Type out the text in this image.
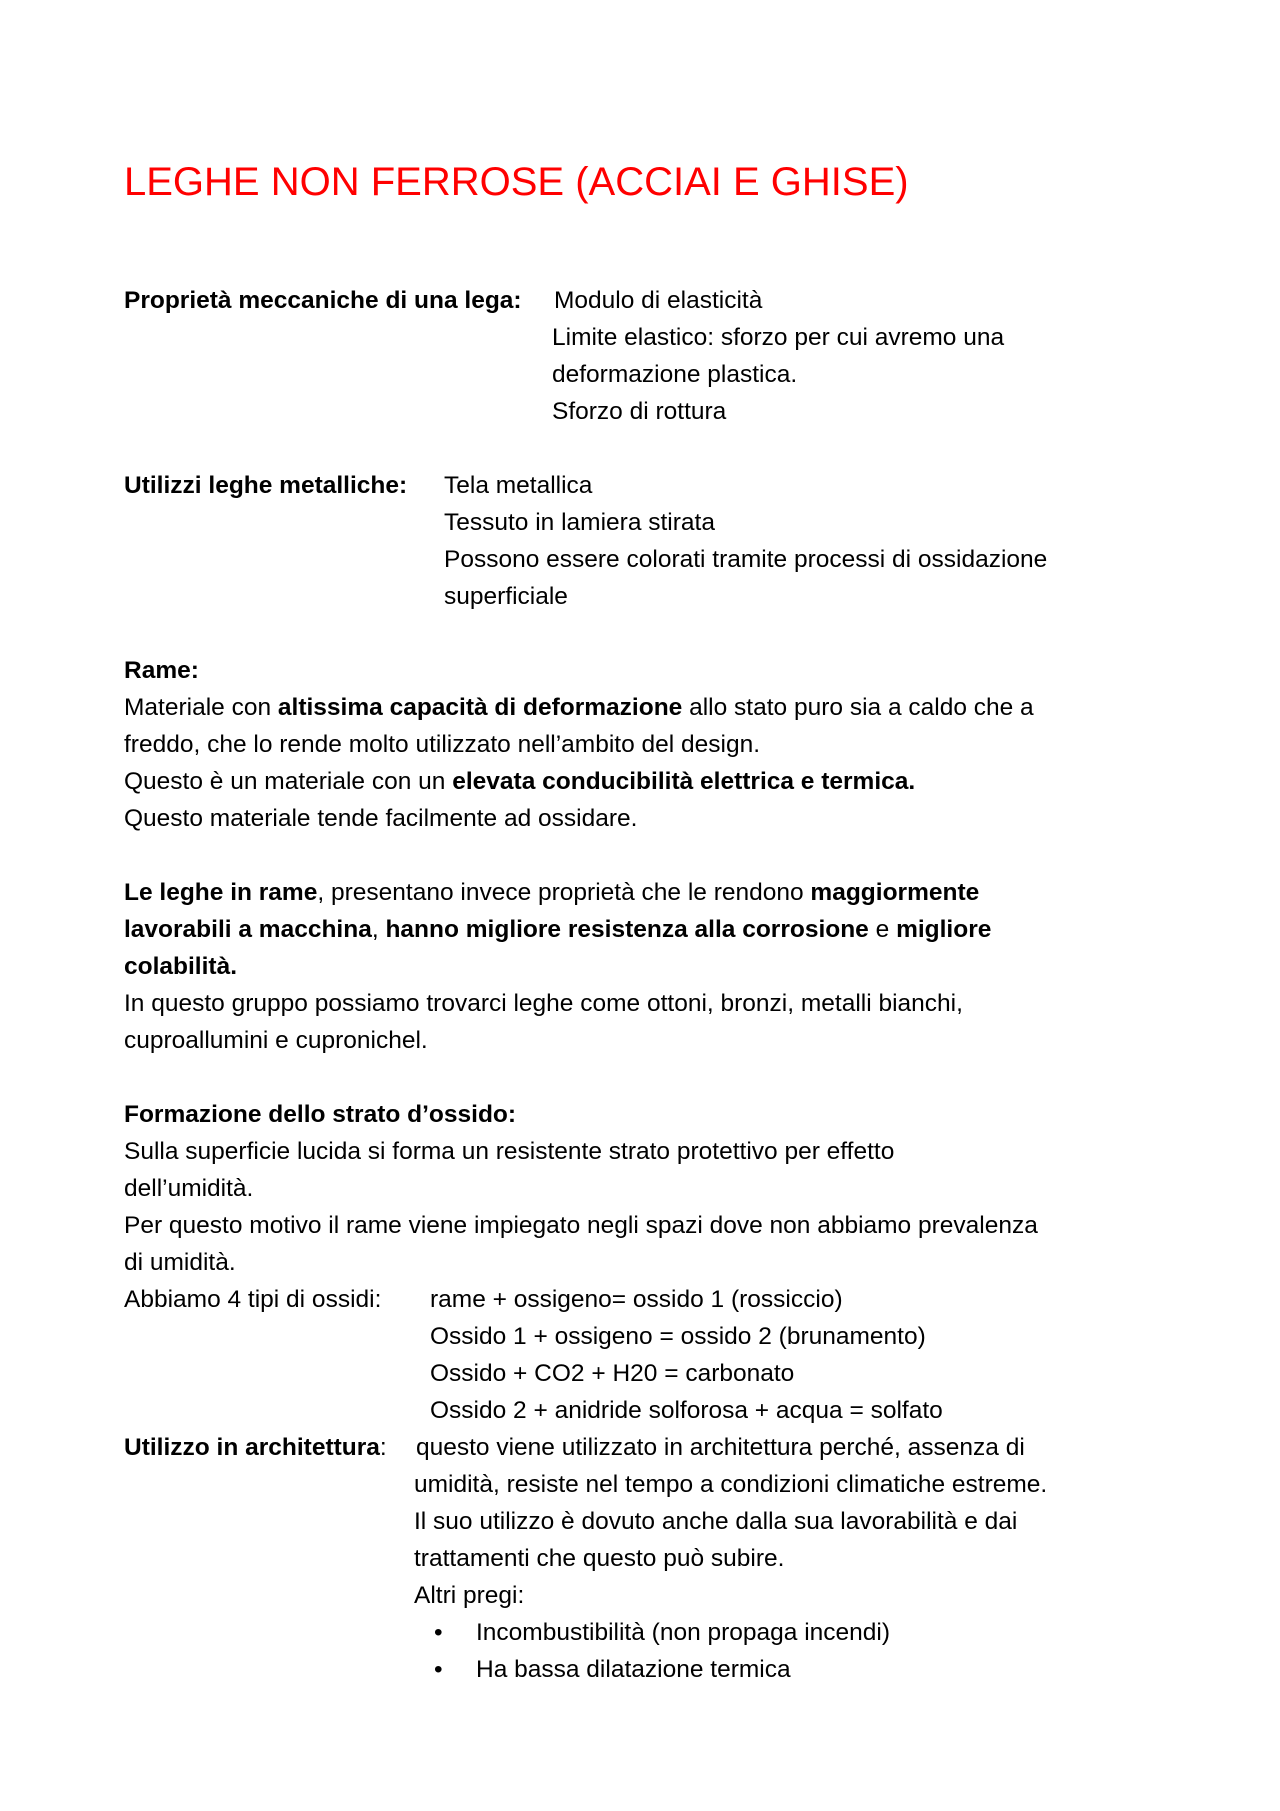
LEGHE NON FERROSE (ACCIAI E GHISE)
Proprietà meccaniche di una lega: Modulo di elasticità
Limite elastico: sforzo per cui avremo una
deformazione plastica.
Sforzo di rottura
Utilizzi leghe metalliche: Tela metallica
Tessuto in lamiera stirata
Possono essere colorati tramite processi di ossidazione
superficiale
Rame:
Materiale con altissima capacità di deformazione allo stato puro sia a caldo che a
freddo, che lo rende molto utilizzato nell’ambito del design.
Questo è un materiale con un elevata conducibilità elettrica e termica.
Questo materiale tende facilmente ad ossidare.
Le leghe in rame, presentano invece proprietà che le rendono maggiormente
lavorabili a macchina, hanno migliore resistenza alla corrosione e migliore
colabilità.
In questo gruppo possiamo trovarci leghe come ottoni, bronzi, metalli bianchi,
cuproallumini e cupronichel.
Formazione dello strato d’ossido:
Sulla superficie lucida si forma un resistente strato protettivo per effetto
dell’umidità.
Per questo motivo il rame viene impiegato negli spazi dove non abbiamo prevalenza
di umidità.
Abbiamo 4 tipi di ossidi: rame + ossigeno= ossido 1 (rossiccio)
Ossido 1 + ossigeno = ossido 2 (brunamento)
Ossido + CO2 + H20 = carbonato
Ossido 2 + anidride solforosa + acqua = solfato
Utilizzo in architettura: questo viene utilizzato in architettura perché, assenza di
umidità, resiste nel tempo a condizioni climatiche estreme.
Il suo utilizzo è dovuto anche dalla sua lavorabilità e dai
trattamenti che questo può subire.
Altri pregi:
• Incombustibilità (non propaga incendi)
• Ha bassa dilatazione termica
